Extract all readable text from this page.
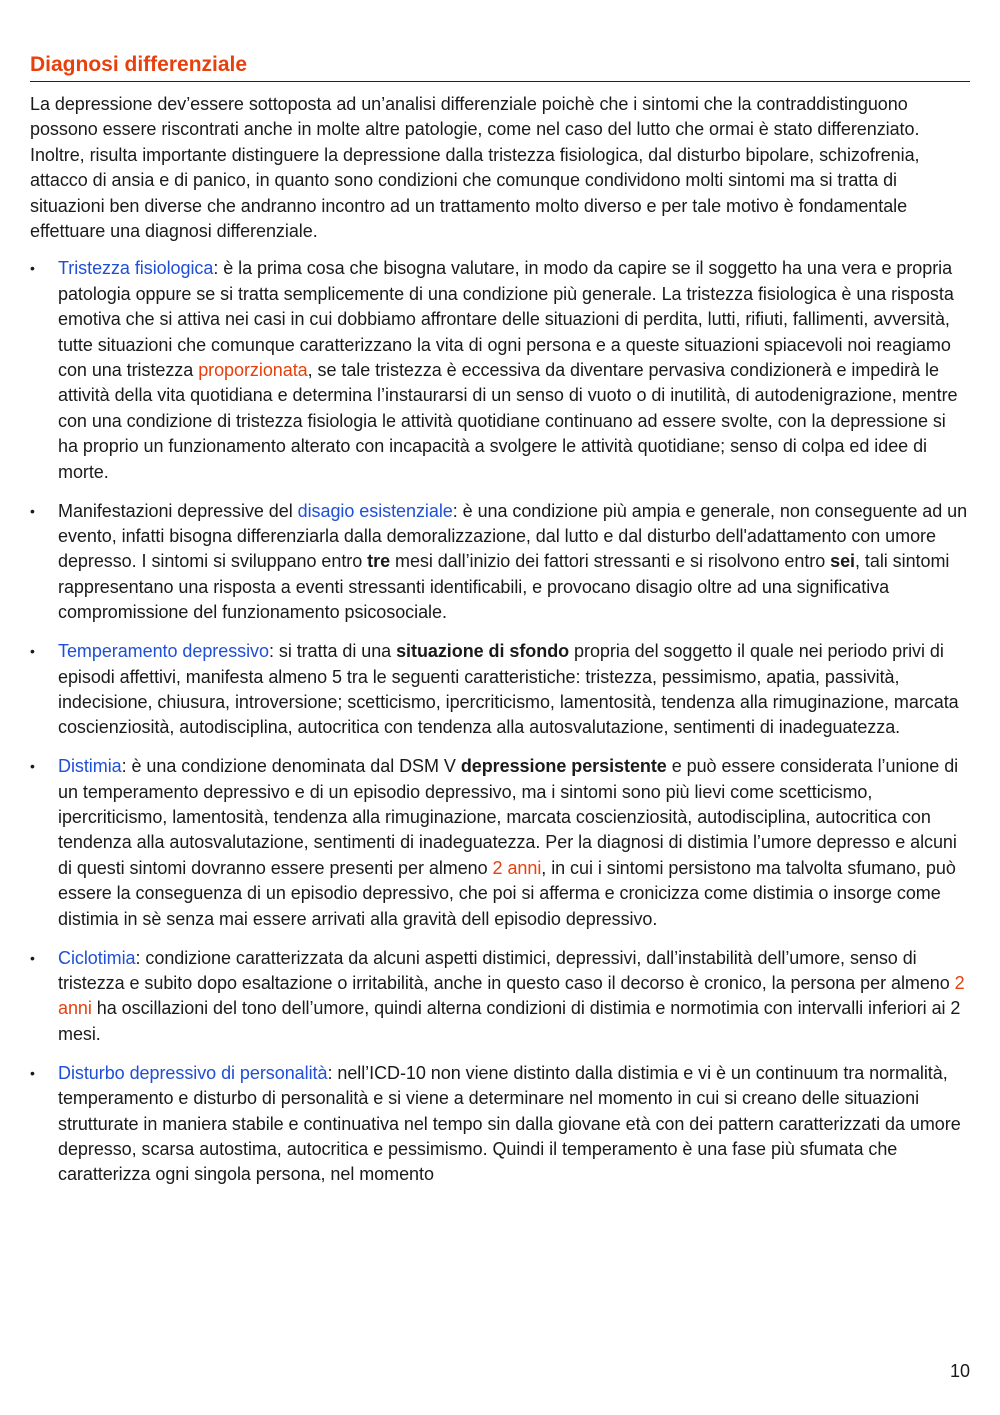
Diagnosi differenziale

La depressione dev’essere sottoposta ad un’analisi differenziale poichè che i sintomi che la contraddistinguono possono essere riscontrati anche in molte altre patologie, come nel caso del lutto che ormai è stato differenziato.

Inoltre, risulta importante distinguere la depressione dalla tristezza fisiologica, dal disturbo bipolare, schizofrenia, attacco di ansia e di panico, in quanto sono condizioni che comunque condividono molti sintomi ma si tratta di situazioni ben diverse che andranno incontro ad un trattamento molto diverso e per tale motivo è fondamentale effettuare una diagnosi differenziale.

• Tristezza fisiologica: è la prima cosa che bisogna valutare, in modo da capire se il soggetto ha una vera e propria patologia oppure se si tratta semplicemente di una condizione più generale. La tristezza fisiologica è una risposta emotiva che si attiva nei casi in cui dobbiamo affrontare delle situazioni di perdita, lutti, rifiuti, fallimenti, avversità, tutte situazioni che comunque caratterizzano la vita di ogni persona e a queste situazioni spiacevoli noi reagiamo con una tristezza proporzionata, se tale tristezza è eccessiva da diventare pervasiva condizionerà e impedirà le attività della vita quotidiana e determina l’instaurarsi di un senso di vuoto o di inutilità, di autodenigrazione, mentre con una condizione di tristezza fisiologia le attività quotidiane continuano ad essere svolte, con la depressione si ha proprio un funzionamento alterato con incapacità a svolgere le attività quotidiane; senso di colpa ed idee di morte.
• Manifestazioni depressive del disagio esistenziale: è una condizione più ampia e generale, non conseguente ad un evento, infatti bisogna differenziarla dalla demoralizzazione, dal lutto e dal disturbo dell'adattamento con umore depresso. I sintomi si sviluppano entro tre mesi dall’inizio dei fattori stressanti e si risolvono entro sei, tali sintomi rappresentano una risposta a eventi stressanti identificabili, e provocano disagio oltre ad una significativa compromissione del funzionamento psicosociale.
• Temperamento depressivo: si tratta di una situazione di sfondo propria del soggetto il quale nei periodo privi di episodi affettivi, manifesta almeno 5 tra le seguenti caratteristiche: tristezza, pessimismo, apatia, passività, indecisione, chiusura, introversione; scetticismo, ipercriticismo, lamentosità, tendenza alla rimuginazione, marcata coscienziosità, autodisciplina, autocritica con tendenza alla autosvalutazione, sentimenti di inadeguatezza.
• Distimia: è una condizione denominata dal DSM V depressione persistente e può essere considerata l’unione di un temperamento depressivo e di un episodio depressivo, ma i sintomi sono più lievi come scetticismo, ipercriticismo, lamentosità, tendenza alla rimuginazione, marcata coscienziosità, autodisciplina, autocritica con tendenza alla autosvalutazione, sentimenti di inadeguatezza. Per la diagnosi di distimia l’umore depresso e alcuni di questi sintomi dovranno essere presenti per almeno 2 anni, in cui i sintomi persistono ma talvolta sfumano, può essere la conseguenza di un episodio depressivo, che poi si afferma e cronicizza come distimia o insorge come distimia in sè senza mai essere arrivati alla gravità dell episodio depressivo.
• Ciclotimia: condizione caratterizzata da alcuni aspetti distimici, depressivi, dall’instabilità dell’umore, senso di tristezza e subito dopo esaltazione o irritabilità, anche in questo caso il decorso è cronico, la persona per almeno 2 anni ha oscillazioni del tono dell’umore, quindi alterna condizioni di distimia e normotimia con intervalli inferiori ai 2 mesi.
• Disturbo depressivo di personalità: nell’ICD-10 non viene distinto dalla distimia e vi è un continuum tra normalità, temperamento e disturbo di personalità e si viene a determinare nel momento in cui si creano delle situazioni strutturate in maniera stabile e continuativa nel tempo sin dalla giovane età con dei pattern caratterizzati da umore depresso, scarsa autostima, autocritica e pessimismo. Quindi il temperamento è una fase più sfumata che caratterizza ogni singola persona, nel momento
10
